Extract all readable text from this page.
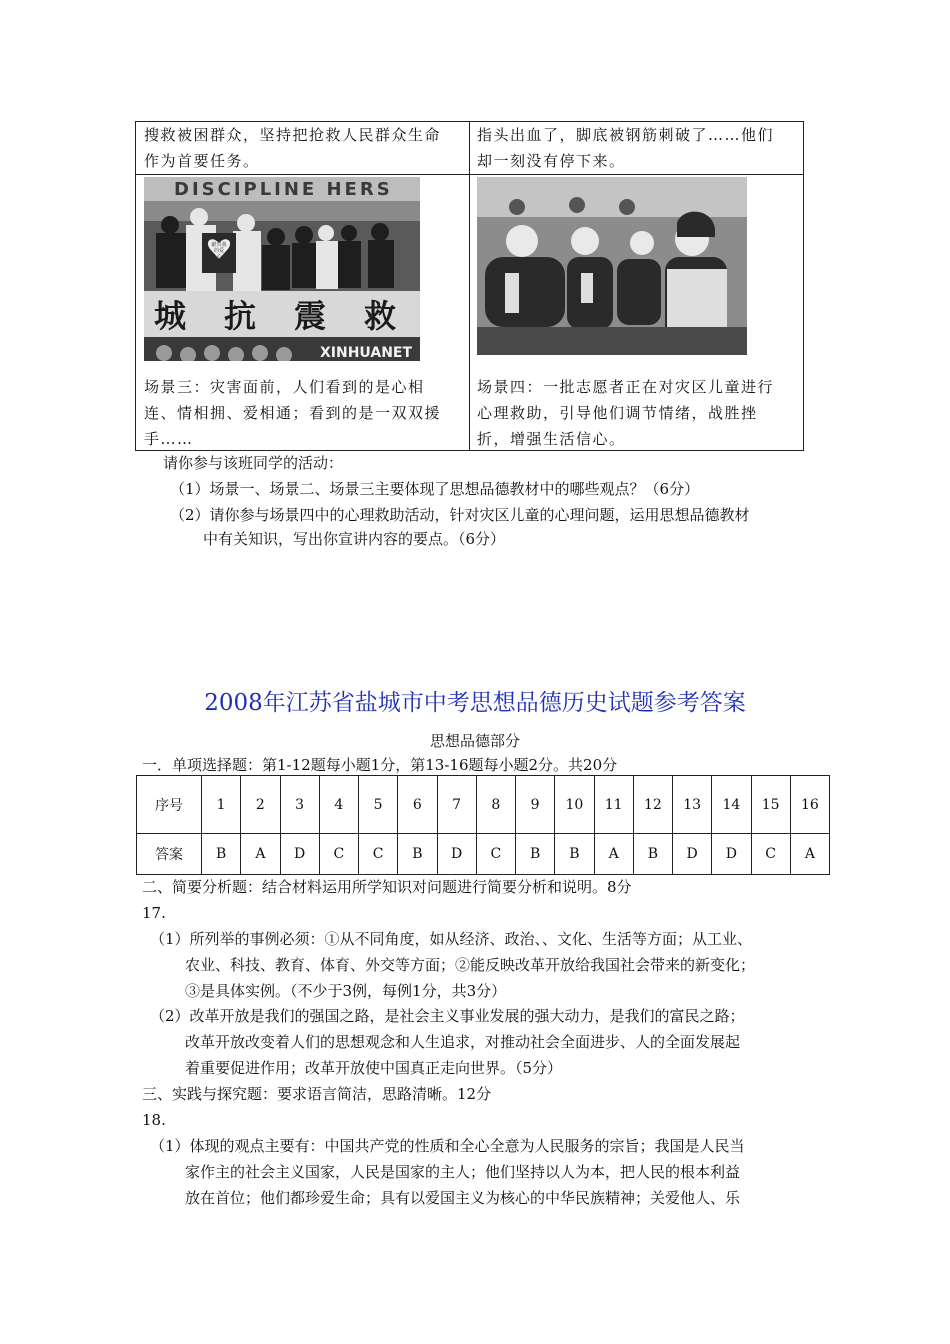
搜救被困群众，坚持把抢救人民群众生命
作为首要任务。
指头出血了，脚底被钢筋刺破了……他们
却一刻没有停下来。
DISCIPLINE HERS
献出我
的爱
心
城 抗 震 救
XINHUANET
场景三：灾害面前，人们看到的是心相
连、情相拥、爱相通；看到的是一双双援
手……
场景四：一批志愿者正在对灾区儿童进行
心理救助，引导他们调节情绪，战胜挫
折，增强生活信心。
请你参与该班同学的活动：
（1）场景一、场景二、场景三主要体现了思想品德教材中的哪些观点？（6分）
（2）请你参与场景四中的心理救助活动，针对灾区儿童的心理问题，运用思想品德教材
中有关知识，写出你宣讲内容的要点。（6分）
2008年江苏省盐城市中考思想品德历史试题参考答案
思想品德部分
一．单项选择题：第1-12题每小题1分，第13-16题每小题2分。共20分
序号	1	2	3	4	5	6	7	8	9	10	11	12	13	14	15	16
答案	B	A	D	C	C	B	D	C	B	B	A	B	D	D	C	A
二、简要分析题：结合材料运用所学知识对问题进行简要分析和说明。8分
17.
（1）所列举的事例必须：①从不同角度，如从经济、政治、、文化、生活等方面；从工业、
农业、科技、教育、体育、外交等方面；②能反映改革开放给我国社会带来的新变化；
③是具体实例。（不少于3例，每例1分，共3分）
（2）改革开放是我们的强国之路，是社会主义事业发展的强大动力，是我们的富民之路；
改革开放改变着人们的思想观念和人生追求，对推动社会全面进步、人的全面发展起
着重要促进作用；改革开放使中国真正走向世界。（5分）
三、实践与探究题：要求语言简洁，思路清晰。12分
18.
（1）体现的观点主要有：中国共产党的性质和全心全意为人民服务的宗旨；我国是人民当
家作主的社会主义国家，人民是国家的主人；他们坚持以人为本，把人民的根本利益
放在首位；他们都珍爱生命；具有以爱国主义为核心的中华民族精神；关爱他人、乐
